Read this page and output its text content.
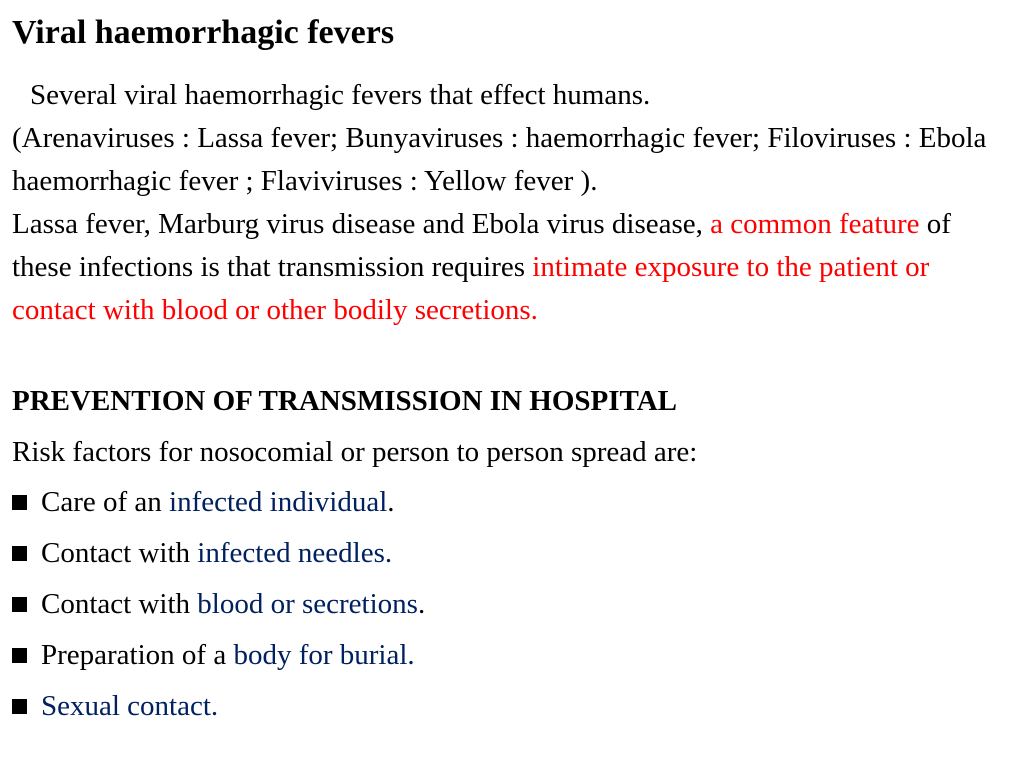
Viral haemorrhagic fevers

Several viral haemorrhagic fevers that effect humans.
(Arenaviruses : Lassa fever; Bunyaviruses : haemorrhagic fever; Filoviruses : Ebola haemorrhagic fever ; Flaviviruses : Yellow fever ).
Lassa fever, Marburg virus disease and Ebola virus disease, a common feature of these infections is that transmission requires intimate exposure to the patient or contact with blood or other bodily secretions.

PREVENTION OF TRANSMISSION IN HOSPITAL

Risk factors for nosocomial or person to person spread are:

Care of an infected individual.
Contact with infected needles.
Contact with blood or secretions.
Preparation of a body for burial.
Sexual contact.
